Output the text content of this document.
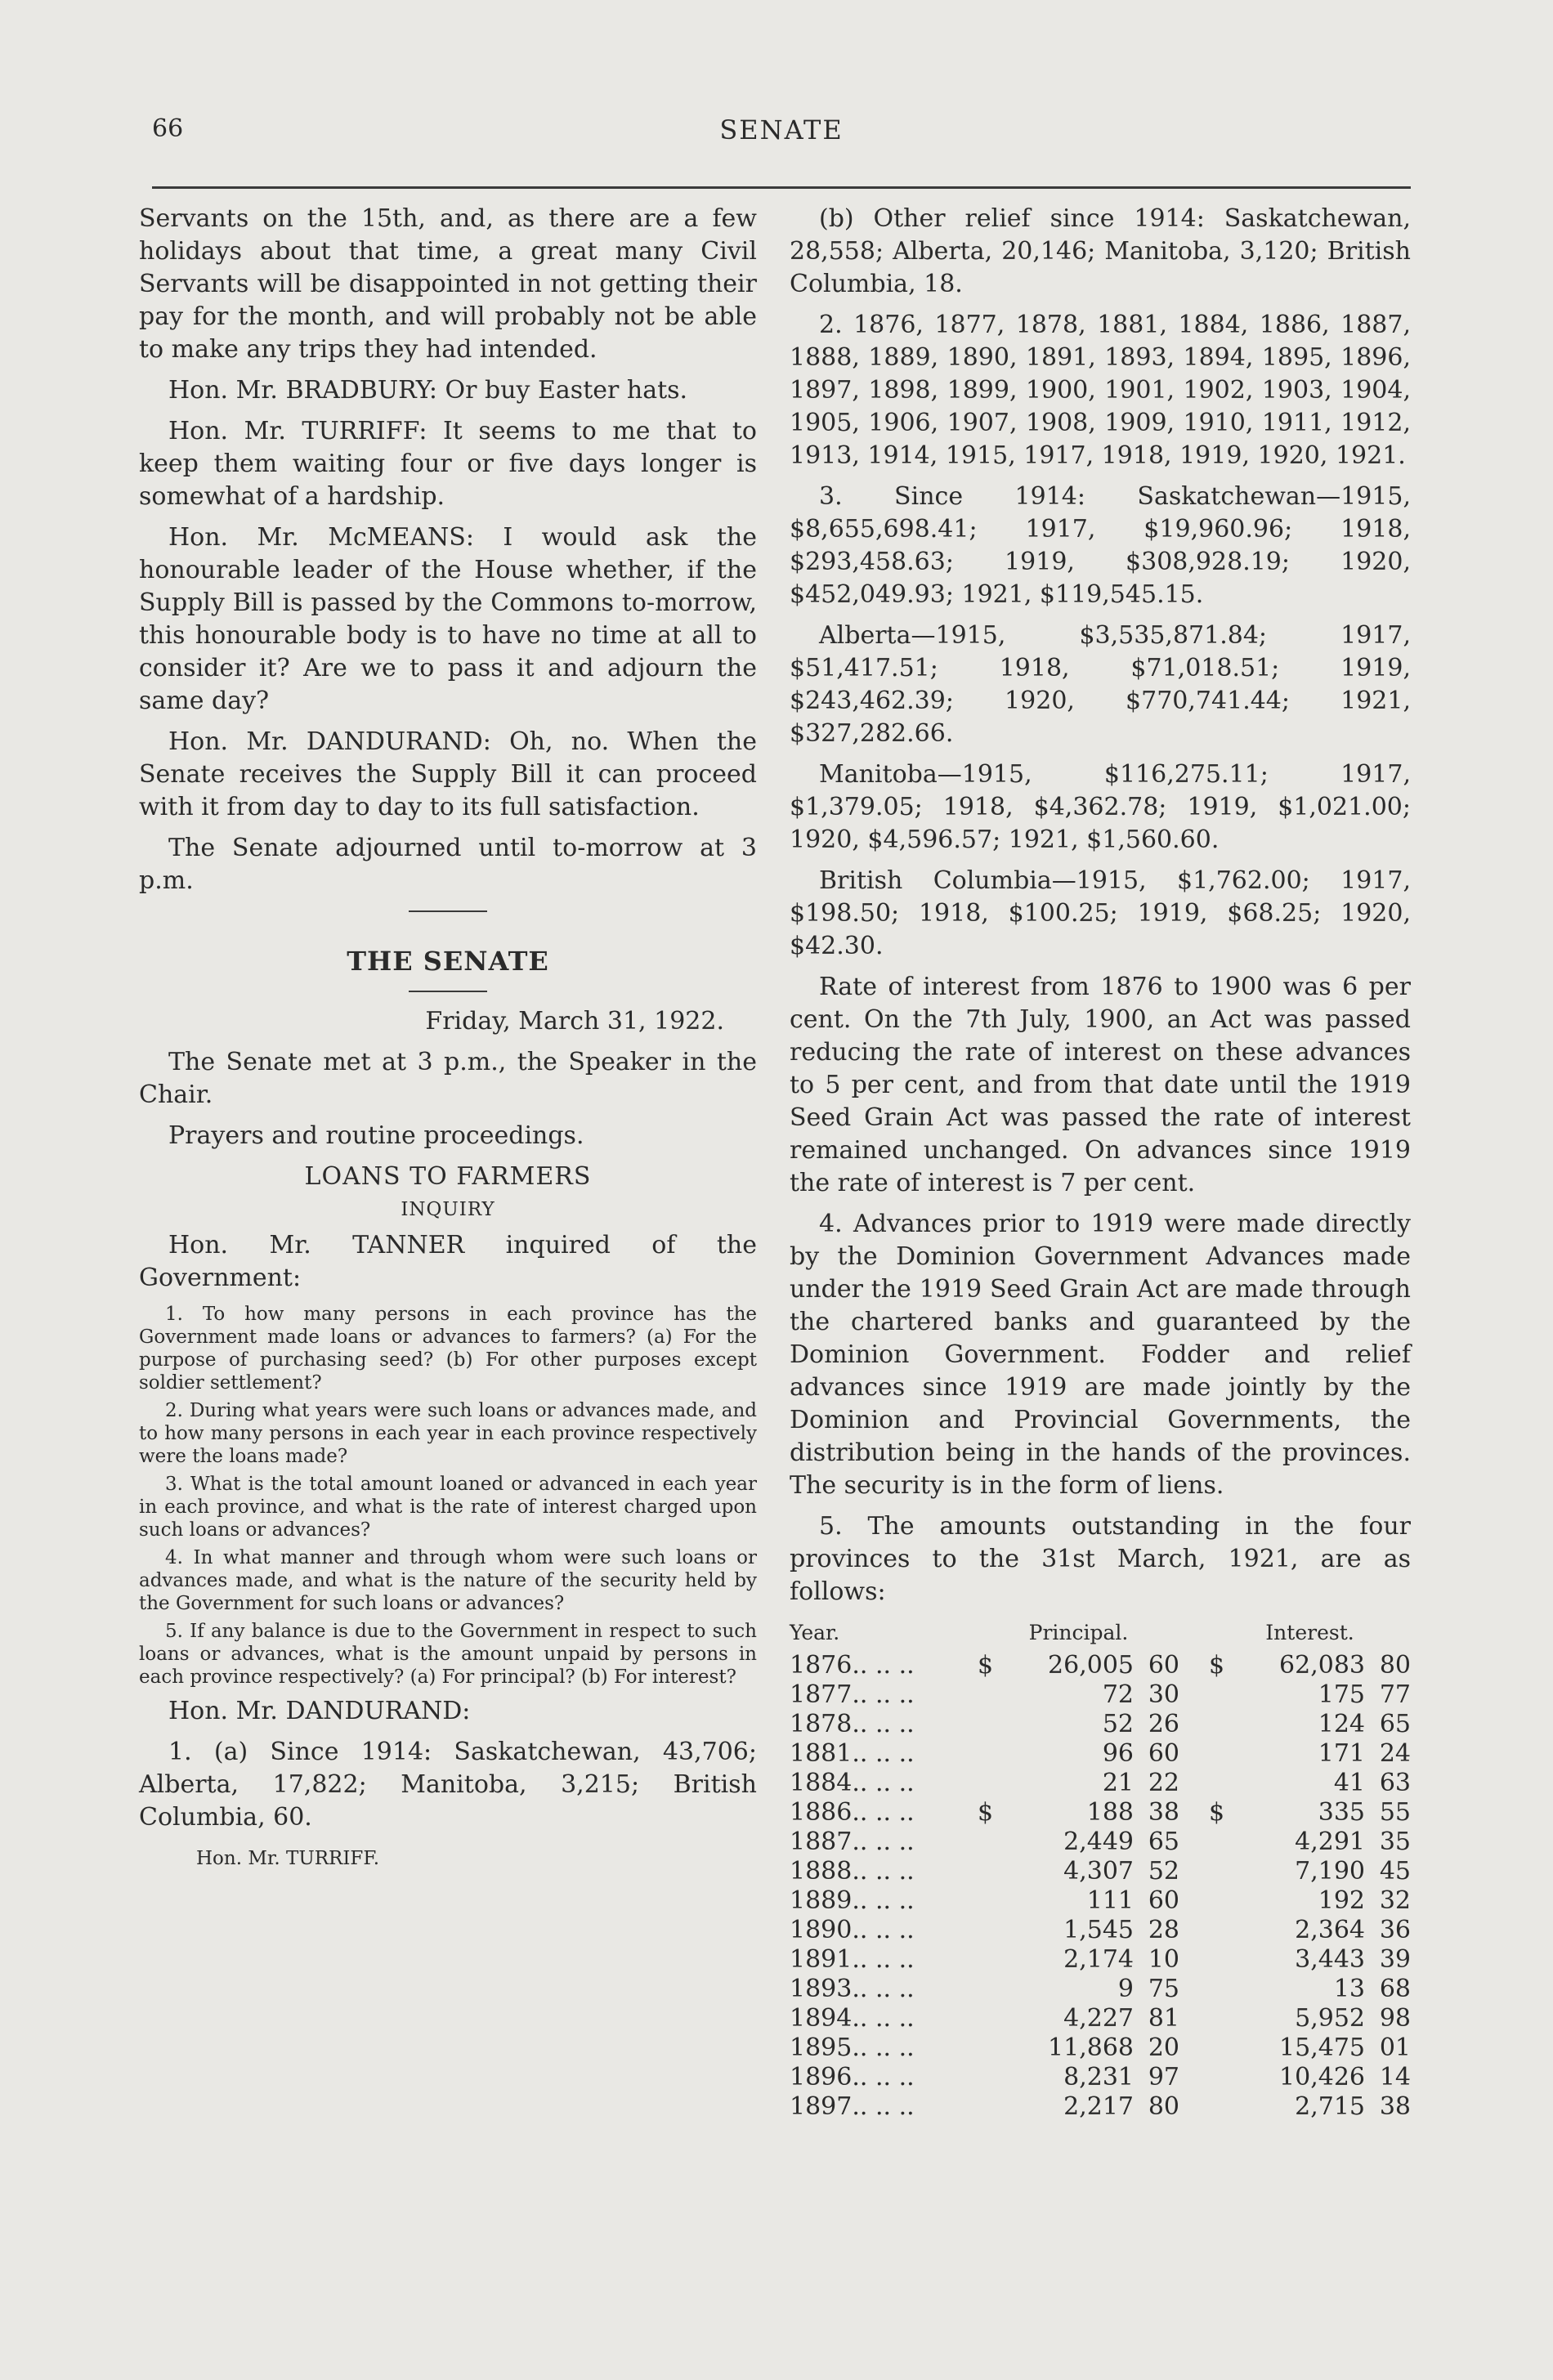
66	SENATE

Servants on the 15th, and, as there are a few holidays about that time, a great many Civil Servants will be disappointed in not getting their pay for the month, and will probably not be able to make any trips they had intended.

Hon. Mr. BRADBURY: Or buy Easter hats.

Hon. Mr. TURRIFF: It seems to me that to keep them waiting four or five days longer is somewhat of a hardship.

Hon. Mr. McMEANS: I would ask the honourable leader of the House whether, if the Supply Bill is passed by the Commons to-morrow, this honourable body is to have no time at all to consider it? Are we to pass it and adjourn the same day?

Hon. Mr. DANDURAND: Oh, no. When the Senate receives the Supply Bill it can proceed with it from day to day to its full satisfaction.

The Senate adjourned until to-morrow at 3 p.m.

THE SENATE

Friday, March 31, 1922.

The Senate met at 3 p.m., the Speaker in the Chair.

Prayers and routine proceedings.

LOANS TO FARMERS
INQUIRY

Hon. Mr. TANNER inquired of the Government:

1. To how many persons in each province has the Government made loans or advances to farmers? (a) For the purpose of purchasing seed? (b) For other purposes except soldier settlement?

2. During what years were such loans or advances made, and to how many persons in each year in each province respectively were the loans made?

3. What is the total amount loaned or advanced in each year in each province, and what is the rate of interest charged upon such loans or advances?

4. In what manner and through whom were such loans or advances made, and what is the nature of the security held by the Government for such loans or advances?

5. If any balance is due to the Government in respect to such loans or advances, what is the amount unpaid by persons in each province respectively? (a) For principal? (b) For interest?

Hon. Mr. DANDURAND:

1. (a) Since 1914: Saskatchewan, 43,706; Alberta, 17,822; Manitoba, 3,215; British Columbia, 60.

Hon. Mr. TURRIFF.

(b) Other relief since 1914: Saskatchewan, 28,558; Alberta, 20,146; Manitoba, 3,120; British Columbia, 18.

2. 1876, 1877, 1878, 1881, 1884, 1886, 1887, 1888, 1889, 1890, 1891, 1893, 1894, 1895, 1896, 1897, 1898, 1899, 1900, 1901, 1902, 1903, 1904, 1905, 1906, 1907, 1908, 1909, 1910, 1911, 1912, 1913, 1914, 1915, 1917, 1918, 1919, 1920, 1921.

3. Since 1914: Saskatchewan—1915, $8,655,698.41; 1917, $19,960.96; 1918, $293,458.63; 1919, $308,928.19; 1920, $452,049.93; 1921, $119,545.15.

Alberta—1915, $3,535,871.84; 1917, $51,417.51; 1918, $71,018.51; 1919, $243,462.39; 1920, $770,741.44; 1921, $327,282.66.

Manitoba—1915, $116,275.11; 1917, $1,379.05; 1918, $4,362.78; 1919, $1,021.00; 1920, $4,596.57; 1921, $1,560.60.

British Columbia—1915, $1,762.00; 1917, $198.50; 1918, $100.25; 1919, $68.25; 1920, $42.30.

Rate of interest from 1876 to 1900 was 6 per cent. On the 7th July, 1900, an Act was passed reducing the rate of interest on these advances to 5 per cent, and from that date until the 1919 Seed Grain Act was passed the rate of interest remained unchanged. On advances since 1919 the rate of interest is 7 per cent.

4. Advances prior to 1919 were made directly by the Dominion Government Advances made under the 1919 Seed Grain Act are made through the chartered banks and guaranteed by the Dominion Government. Fodder and relief advances since 1919 are made jointly by the Dominion and Provincial Governments, the distribution being in the hands of the provinces. The security is in the form of liens.

5. The amounts outstanding in the four provinces to the 31st March, 1921, are as follows:

Year.	Principal.				Interest.		
1876.. .. ..	$	26,005	60		$	62,083	80
1877.. .. ..		72	30			175	77
1878.. .. ..		52	26			124	65
1881.. .. ..		96	60			171	24
1884.. .. ..		21	22			41	63
1886.. .. ..	$	188	38		$	335	55
1887.. .. ..		2,449	65			4,291	35
1888.. .. ..		4,307	52			7,190	45
1889.. .. ..		111	60			192	32
1890.. .. ..		1,545	28			2,364	36
1891.. .. ..		2,174	10			3,443	39
1893.. .. ..		9	75			13	68
1894.. .. ..		4,227	81			5,952	98
1895.. .. ..		11,868	20			15,475	01
1896.. .. ..		8,231	97			10,426	14
1897.. .. ..		2,217	80			2,715	38
